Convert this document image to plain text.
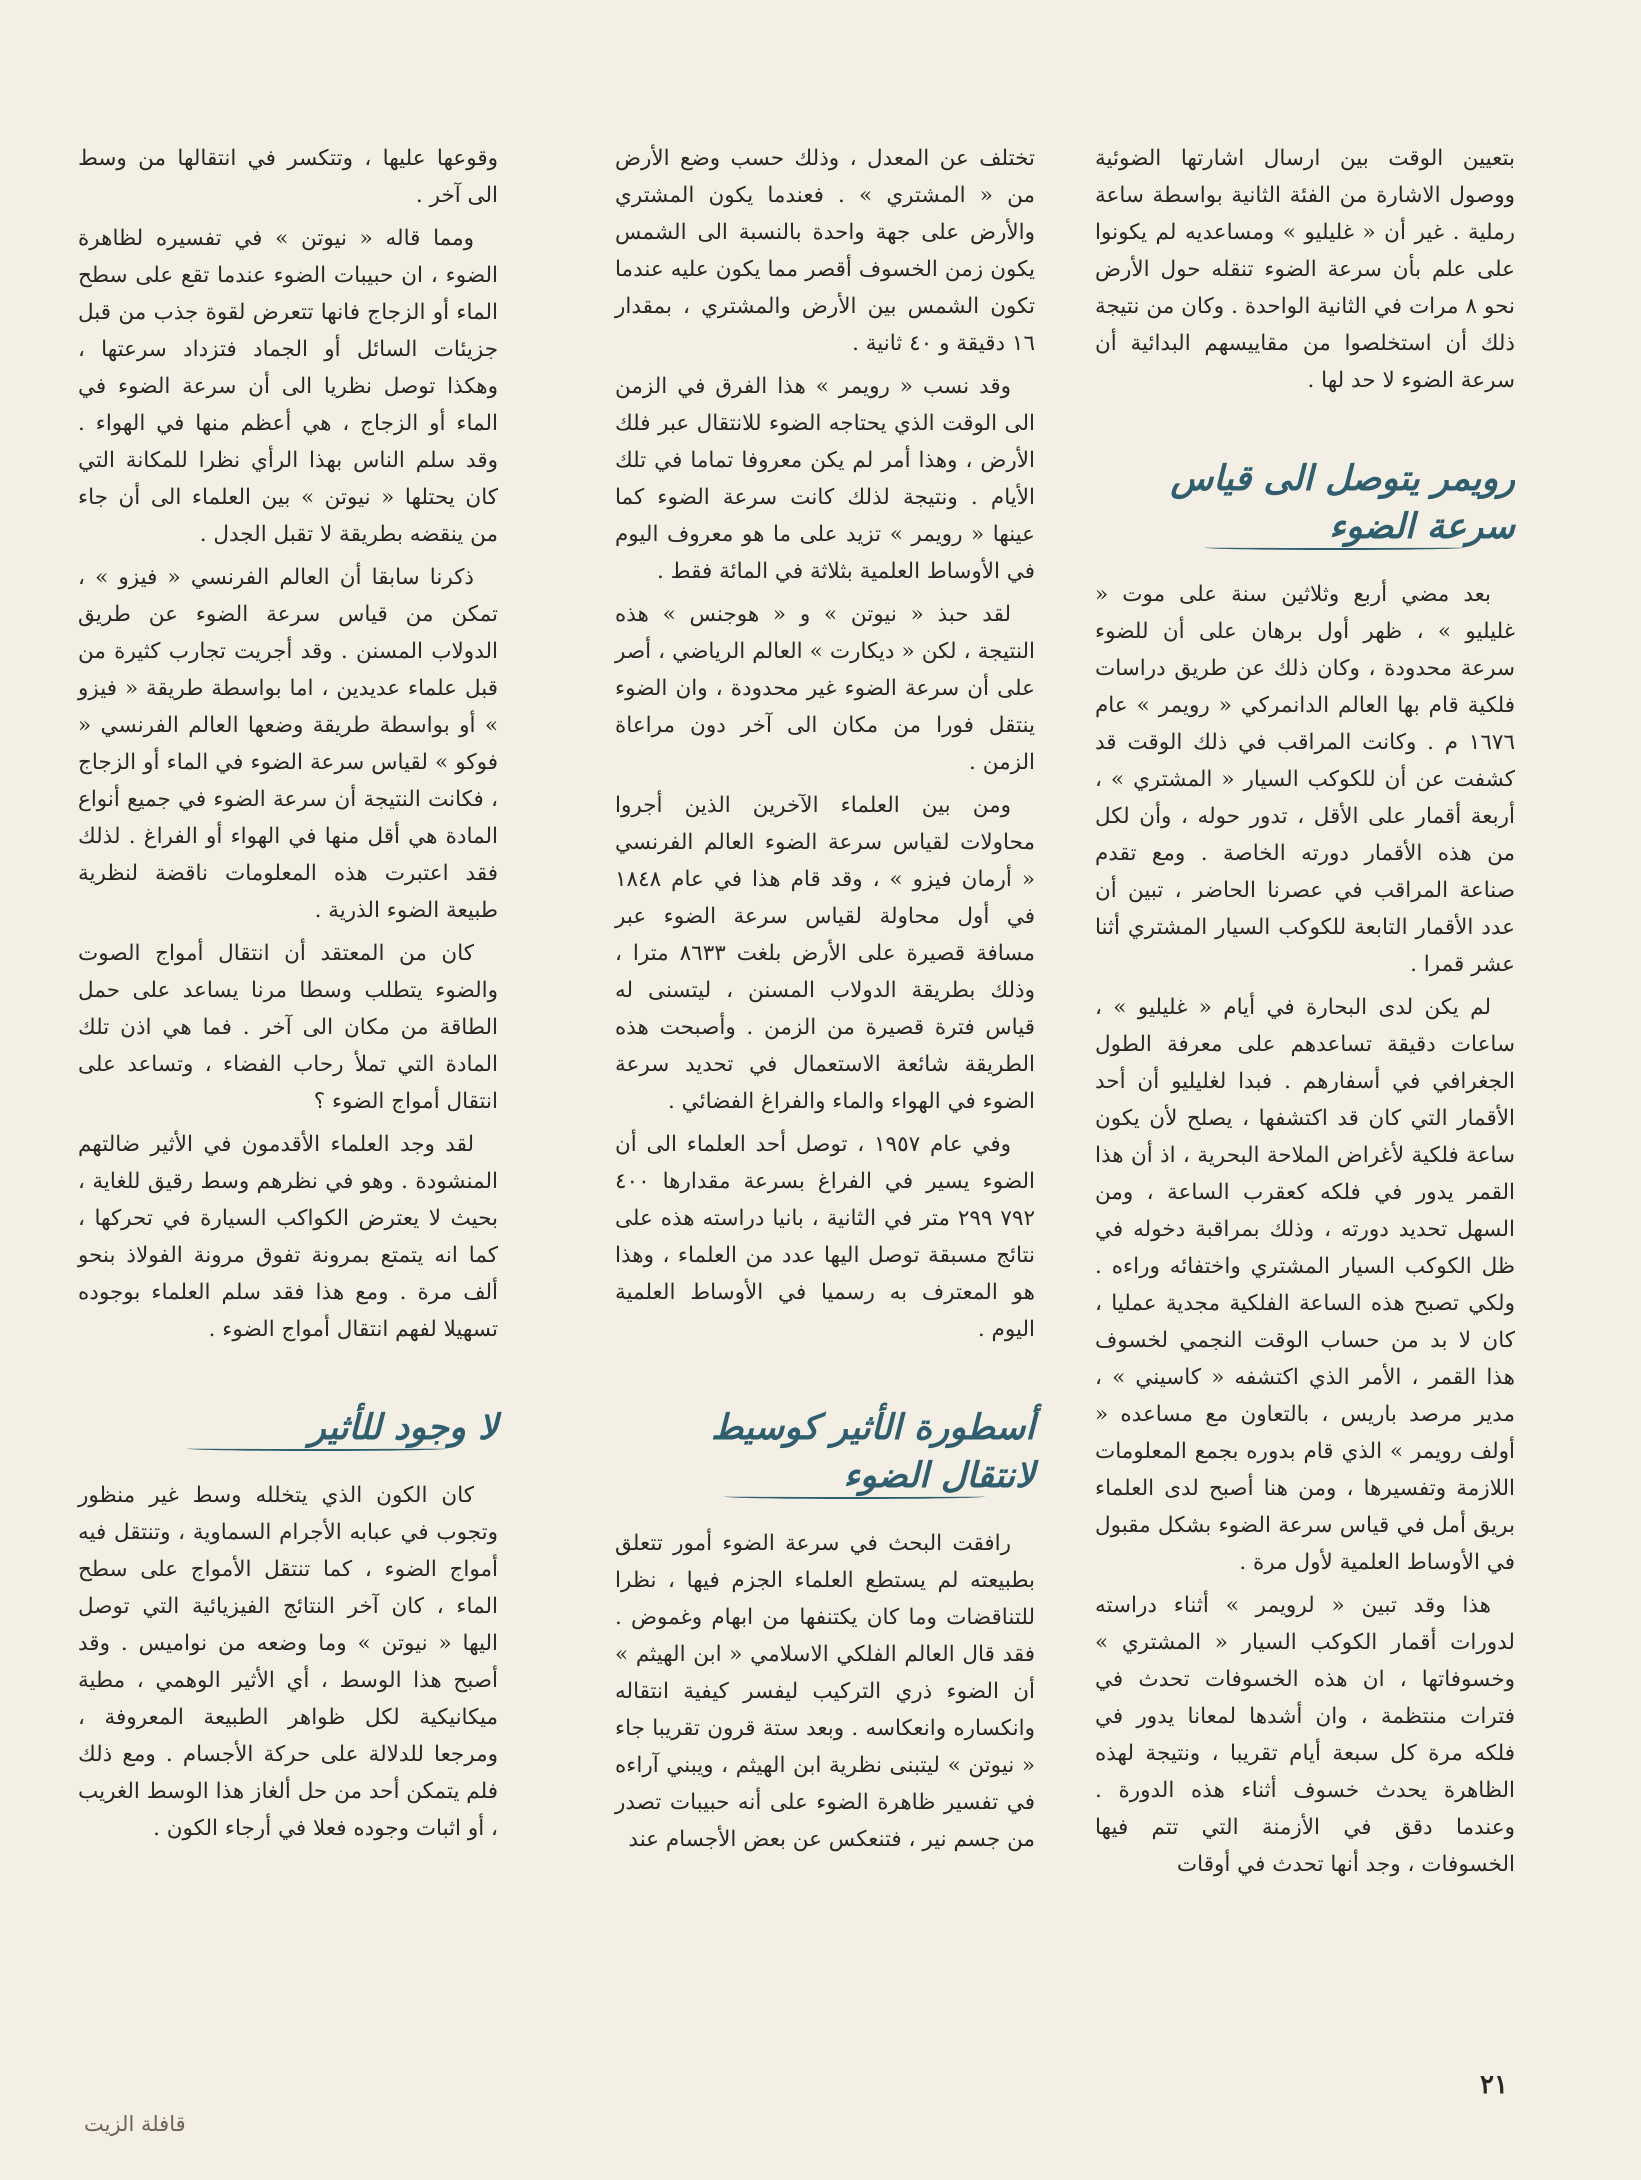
بتعيين الوقت بين ارسال اشارتها الضوئية ووصول الاشارة من الفئة الثانية بواسطة ساعة رملية . غير أن « غليليو » ومساعديه لم يكونوا على علم بأن سرعة الضوء تنقله حول الأرض نحو ٨ مرات في الثانية الواحدة . وكان من نتيجة ذلك أن استخلصوا من مقاييسهم البدائية أن سرعة الضوء لا حد لها .

رويمر يتوصل الى قياس سرعة الضوء

بعد مضي أربع وثلاثين سنة على موت « غليليو » ، ظهر أول برهان على أن للضوء سرعة محدودة ، وكان ذلك عن طريق دراسات فلكية قام بها العالم الدانمركي « رويمر » عام ١٦٧٦ م . وكانت المراقب في ذلك الوقت قد كشفت عن أن للكوكب السيار « المشتري » ، أربعة أقمار على الأقل ، تدور حوله ، وأن لكل من هذه الأقمار دورته الخاصة . ومع تقدم صناعة المراقب في عصرنا الحاضر ، تبين أن عدد الأقمار التابعة للكوكب السيار المشتري أثنا عشر قمرا .

لم يكن لدى البحارة في أيام « غليليو » ، ساعات دقيقة تساعدهم على معرفة الطول الجغرافي في أسفارهم . فبدا لغليليو أن أحد الأقمار التي كان قد اكتشفها ، يصلح لأن يكون ساعة فلكية لأغراض الملاحة البحرية ، اذ أن هذا القمر يدور في فلكه كعقرب الساعة ، ومن السهل تحديد دورته ، وذلك بمراقبة دخوله في ظل الكوكب السيار المشتري واختفائه وراءه . ولكي تصبح هذه الساعة الفلكية مجدية عمليا ، كان لا بد من حساب الوقت النجمي لخسوف هذا القمر ، الأمر الذي اكتشفه « كاسيني » ، مدير مرصد باريس ، بالتعاون مع مساعده « أولف رويمر » الذي قام بدوره بجمع المعلومات اللازمة وتفسيرها ، ومن هنا أصبح لدى العلماء بريق أمل في قياس سرعة الضوء بشكل مقبول في الأوساط العلمية لأول مرة .

هذا وقد تبين « لرويمر » أثناء دراسته لدورات أقمار الكوكب السيار « المشتري » وخسوفاتها ، ان هذه الخسوفات تحدث في فترات منتظمة ، وان أشدها لمعانا يدور في فلكه مرة كل سبعة أيام تقريبا ، ونتيجة لهذه الظاهرة يحدث خسوف أثناء هذه الدورة . وعندما دقق في الأزمنة التي تتم فيها الخسوفات ، وجد أنها تحدث في أوقات

تختلف عن المعدل ، وذلك حسب وضع الأرض من « المشتري » . فعندما يكون المشتري والأرض على جهة واحدة بالنسبة الى الشمس يكون زمن الخسوف أقصر مما يكون عليه عندما تكون الشمس بين الأرض والمشتري ، بمقدار ١٦ دقيقة و ٤٠ ثانية .

وقد نسب « رويمر » هذا الفرق في الزمن الى الوقت الذي يحتاجه الضوء للانتقال عبر فلك الأرض ، وهذا أمر لم يكن معروفا تماما في تلك الأيام . ونتيجة لذلك كانت سرعة الضوء كما عينها « رويمر » تزيد على ما هو معروف اليوم في الأوساط العلمية بثلاثة في المائة فقط .

لقد حبذ « نيوتن » و « هوجنس » هذه النتيجة ، لكن « ديكارت » العالم الرياضي ، أصر على أن سرعة الضوء غير محدودة ، وان الضوء ينتقل فورا من مكان الى آخر دون مراعاة الزمن .

ومن بين العلماء الآخرين الذين أجروا محاولات لقياس سرعة الضوء العالم الفرنسي « أرمان فيزو » ، وقد قام هذا في عام ١٨٤٨ في أول محاولة لقياس سرعة الضوء عبر مسافة قصيرة على الأرض بلغت ٨٦٣٣ مترا ، وذلك بطريقة الدولاب المسنن ، ليتسنى له قياس فترة قصيرة من الزمن . وأصبحت هذه الطريقة شائعة الاستعمال في تحديد سرعة الضوء في الهواء والماء والفراغ الفضائي .

وفي عام ١٩٥٧ ، توصل أحد العلماء الى أن الضوء يسير في الفراغ بسرعة مقدارها ٤٠٠ ٧٩٢ ٢٩٩ متر في الثانية ، بانيا دراسته هذه على نتائج مسبقة توصل اليها عدد من العلماء ، وهذا هو المعترف به رسميا في الأوساط العلمية اليوم .

أسطورة الأثير كوسيط لانتقال الضوء

رافقت البحث في سرعة الضوء أمور تتعلق بطبيعته لم يستطع العلماء الجزم فيها ، نظرا للتناقضات وما كان يكتنفها من ابهام وغموض . فقد قال العالم الفلكي الاسلامي « ابن الهيثم » أن الضوء ذري التركيب ليفسر كيفية انتقاله وانكساره وانعكاسه . وبعد ستة قرون تقريبا جاء « نيوتن » ليتبنى نظرية ابن الهيثم ، ويبني آراءه في تفسير ظاهرة الضوء على أنه حبيبات تصدر من جسم نير ، فتنعكس عن بعض الأجسام عند

وقوعها عليها ، وتتكسر في انتقالها من وسط الى آخر .

ومما قاله « نيوتن » في تفسيره لظاهرة الضوء ، ان حبيبات الضوء عندما تقع على سطح الماء أو الزجاج فانها تتعرض لقوة جذب من قبل جزيئات السائل أو الجماد فتزداد سرعتها ، وهكذا توصل نظريا الى أن سرعة الضوء في الماء أو الزجاج ، هي أعظم منها في الهواء . وقد سلم الناس بهذا الرأي نظرا للمكانة التي كان يحتلها « نيوتن » بين العلماء الى أن جاء من ينقضه بطريقة لا تقبل الجدل .

ذكرنا سابقا أن العالم الفرنسي « فيزو » ، تمكن من قياس سرعة الضوء عن طريق الدولاب المسنن . وقد أجريت تجارب كثيرة من قبل علماء عديدين ، اما بواسطة طريقة « فيزو » أو بواسطة طريقة وضعها العالم الفرنسي « فوكو » لقياس سرعة الضوء في الماء أو الزجاج ، فكانت النتيجة أن سرعة الضوء في جميع أنواع المادة هي أقل منها في الهواء أو الفراغ . لذلك فقد اعتبرت هذه المعلومات ناقضة لنظرية طبيعة الضوء الذرية .

كان من المعتقد أن انتقال أمواج الصوت والضوء يتطلب وسطا مرنا يساعد على حمل الطاقة من مكان الى آخر . فما هي اذن تلك المادة التي تملأ رحاب الفضاء ، وتساعد على انتقال أمواج الضوء ؟

لقد وجد العلماء الأقدمون في الأثير ضالتهم المنشودة . وهو في نظرهم وسط رقيق للغاية ، بحيث لا يعترض الكواكب السيارة في تحركها ، كما انه يتمتع بمرونة تفوق مرونة الفولاذ بنحو ألف مرة . ومع هذا فقد سلم العلماء بوجوده تسهيلا لفهم انتقال أمواج الضوء .

لا وجود للأثير

كان الكون الذي يتخلله وسط غير منظور وتجوب في عبابه الأجرام السماوية ، وتنتقل فيه أمواج الضوء ، كما تنتقل الأمواج على سطح الماء ، كان آخر النتائج الفيزيائية التي توصل اليها « نيوتن » وما وضعه من نواميس . وقد أصبح هذا الوسط ، أي الأثير الوهمي ، مطية ميكانيكية لكل ظواهر الطبيعة المعروفة ، ومرجعا للدلالة على حركة الأجسام . ومع ذلك فلم يتمكن أحد من حل ألغاز هذا الوسط الغريب ، أو اثبات وجوده فعلا في أرجاء الكون .

٢١
قافلة الزيت
